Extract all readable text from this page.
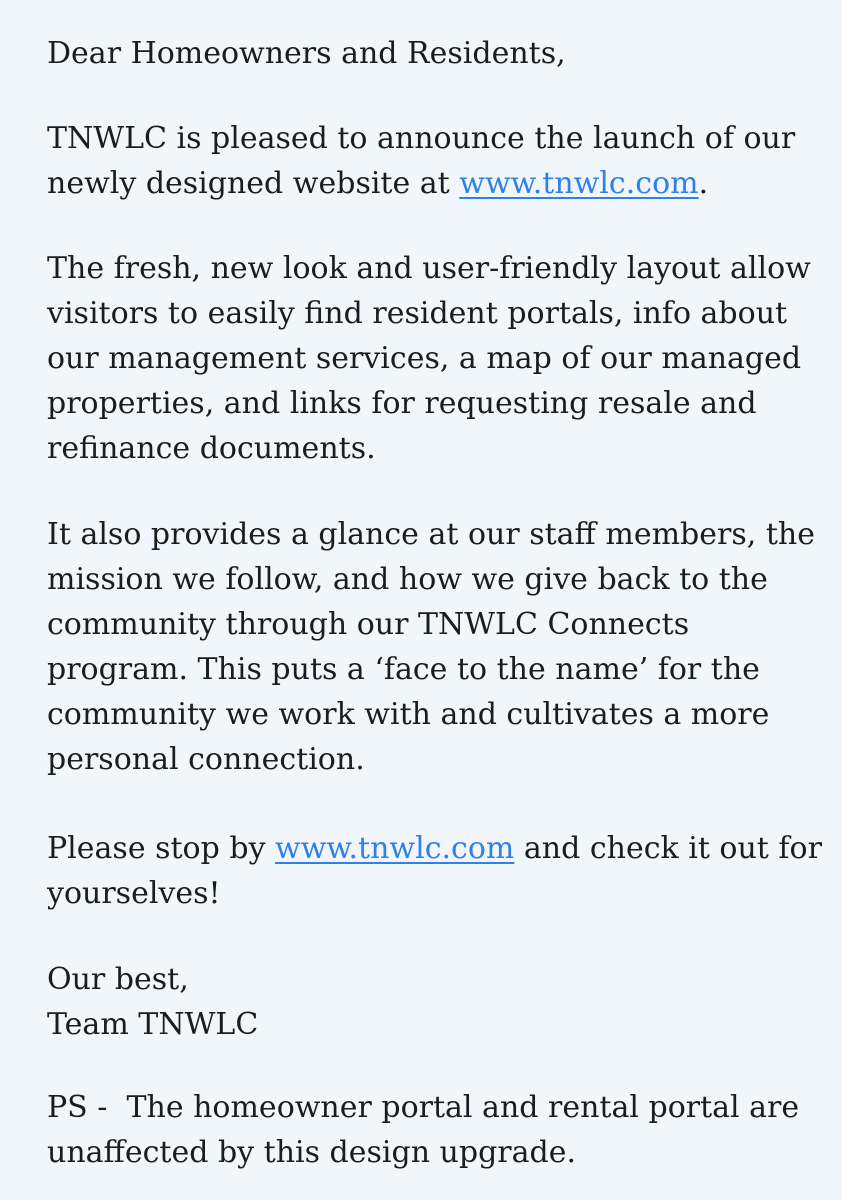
Dear Homeowners and Residents,

TNWLC is pleased to announce the launch of our
newly designed website at www.tnwlc.com.

The fresh, new look and user-friendly layout allow
visitors to easily find resident portals, info about
our management services, a map of our managed
properties, and links for requesting resale and
refinance documents.

It also provides a glance at our staff members, the
mission we follow, and how we give back to the
community through our TNWLC Connects
program. This puts a ‘face to the name’ for the
community we work with and cultivates a more
personal connection.

Please stop by www.tnwlc.com and check it out for
yourselves!

Our best,
Team TNWLC

PS -  The homeowner portal and rental portal are
unaffected by this design upgrade.
